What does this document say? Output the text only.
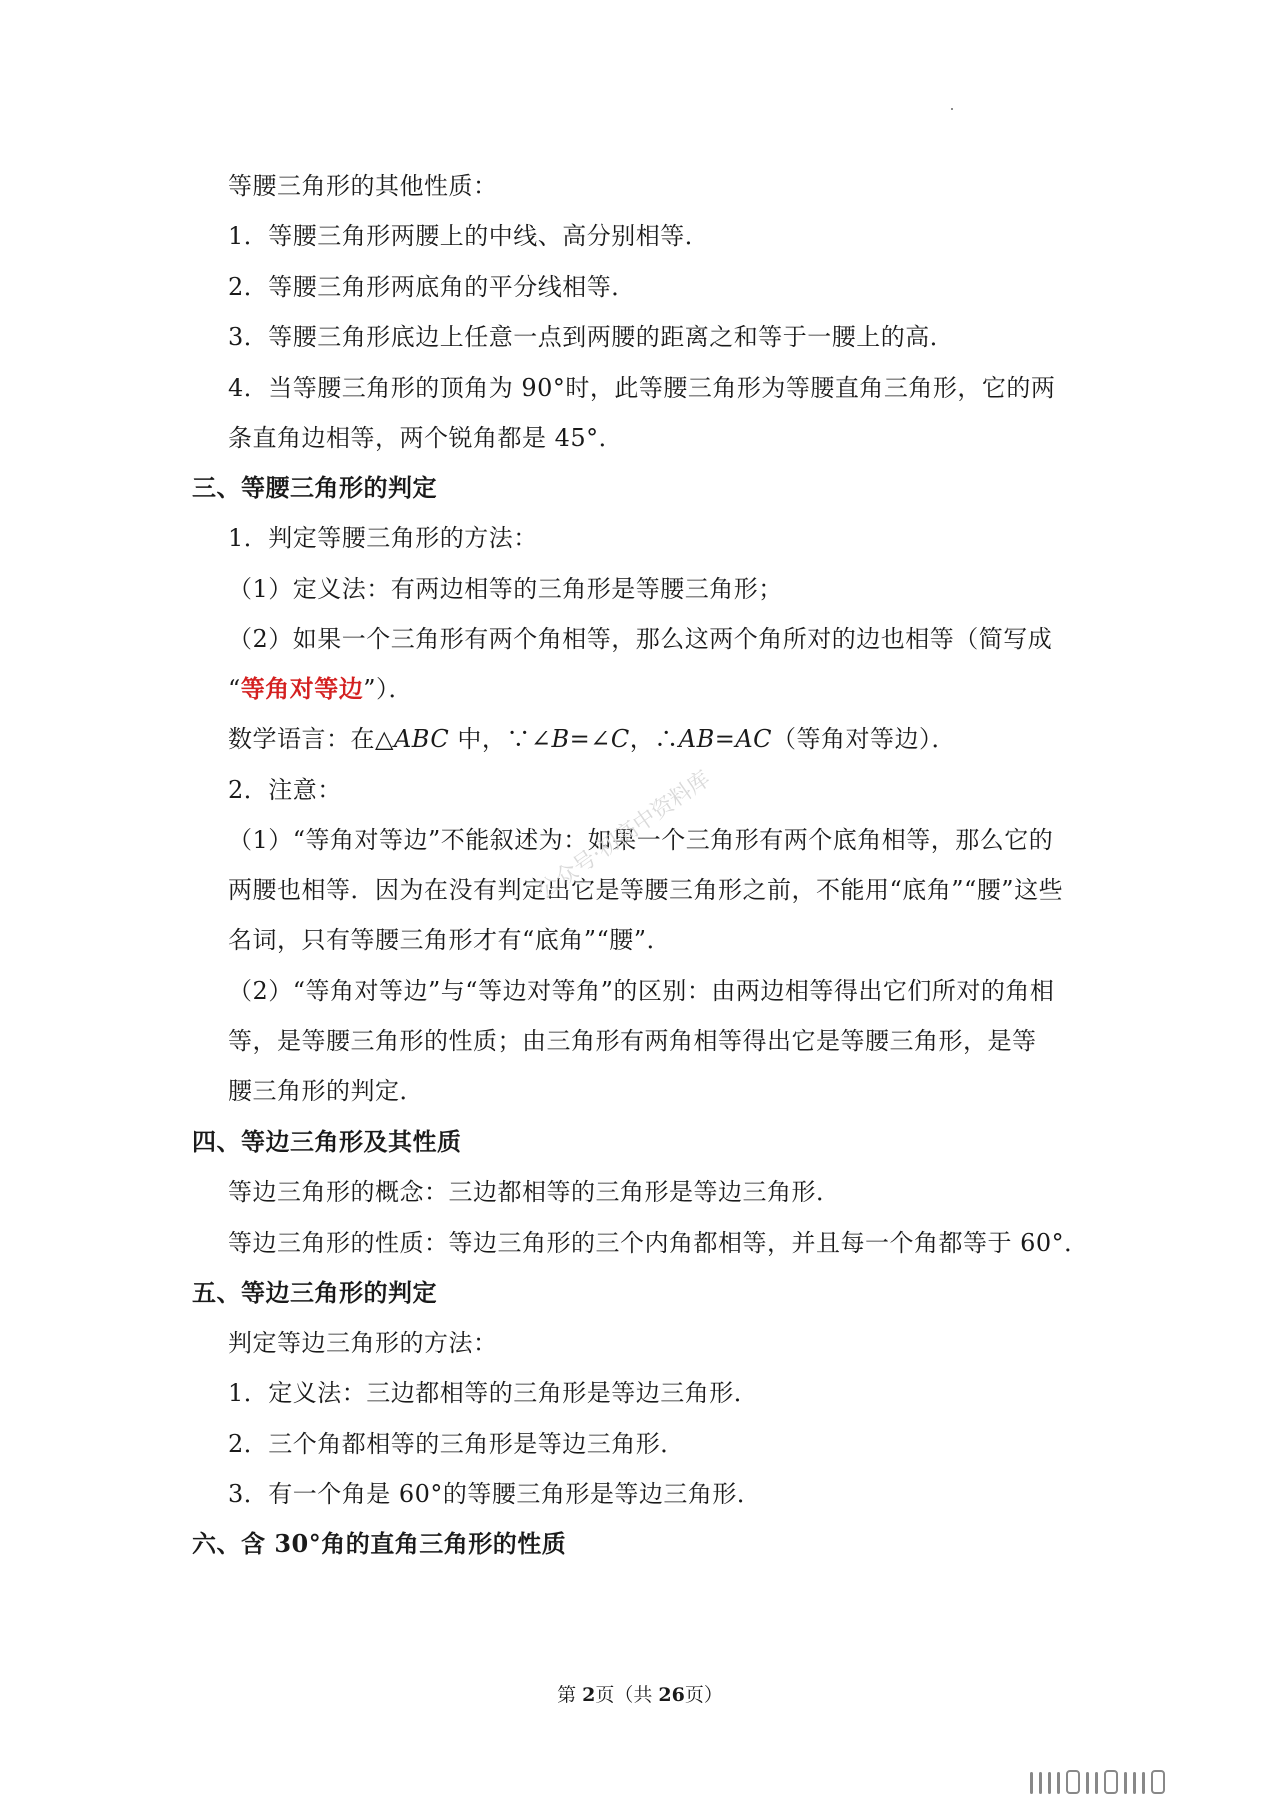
等腰三角形的其他性质：
1．等腰三角形两腰上的中线、高分别相等．
2．等腰三角形两底角的平分线相等．
3．等腰三角形底边上任意一点到两腰的距离之和等于一腰上的高．
4．当等腰三角形的顶角为 90°时，此等腰三角形为等腰直角三角形，它的两
条直角边相等，两个锐角都是 45°．
三、等腰三角形的判定
1．判定等腰三角形的方法：
（1）定义法：有两边相等的三角形是等腰三角形；
（2）如果一个三角形有两个角相等，那么这两个角所对的边也相等（简写成
“等角对等边”）．
数学语言：在△ABC 中，∵∠B=∠C，∴AB=AC（等角对等边）．
2．注意：
（1）“等角对等边”不能叙述为：如果一个三角形有两个底角相等，那么它的
两腰也相等．因为在没有判定出它是等腰三角形之前，不能用“底角”“腰”这些
名词，只有等腰三角形才有“底角”“腰”．
（2）“等角对等边”与“等边对等角”的区别：由两边相等得出它们所对的角相
等，是等腰三角形的性质；由三角形有两角相等得出它是等腰三角形，是等
腰三角形的判定．
四、等边三角形及其性质
等边三角形的概念：三边都相等的三角形是等边三角形．
等边三角形的性质：等边三角形的三个内角都相等，并且每一个角都等于 60°．
五、等边三角形的判定
判定等边三角形的方法：
1．定义法：三边都相等的三角形是等边三角形．
2．三个角都相等的三角形是等边三角形．
3．有一个角是 60°的等腰三角形是等边三角形．
六、含 30°角的直角三角形的性质
公众号·初高中资料库
第 2页（共 26页）
